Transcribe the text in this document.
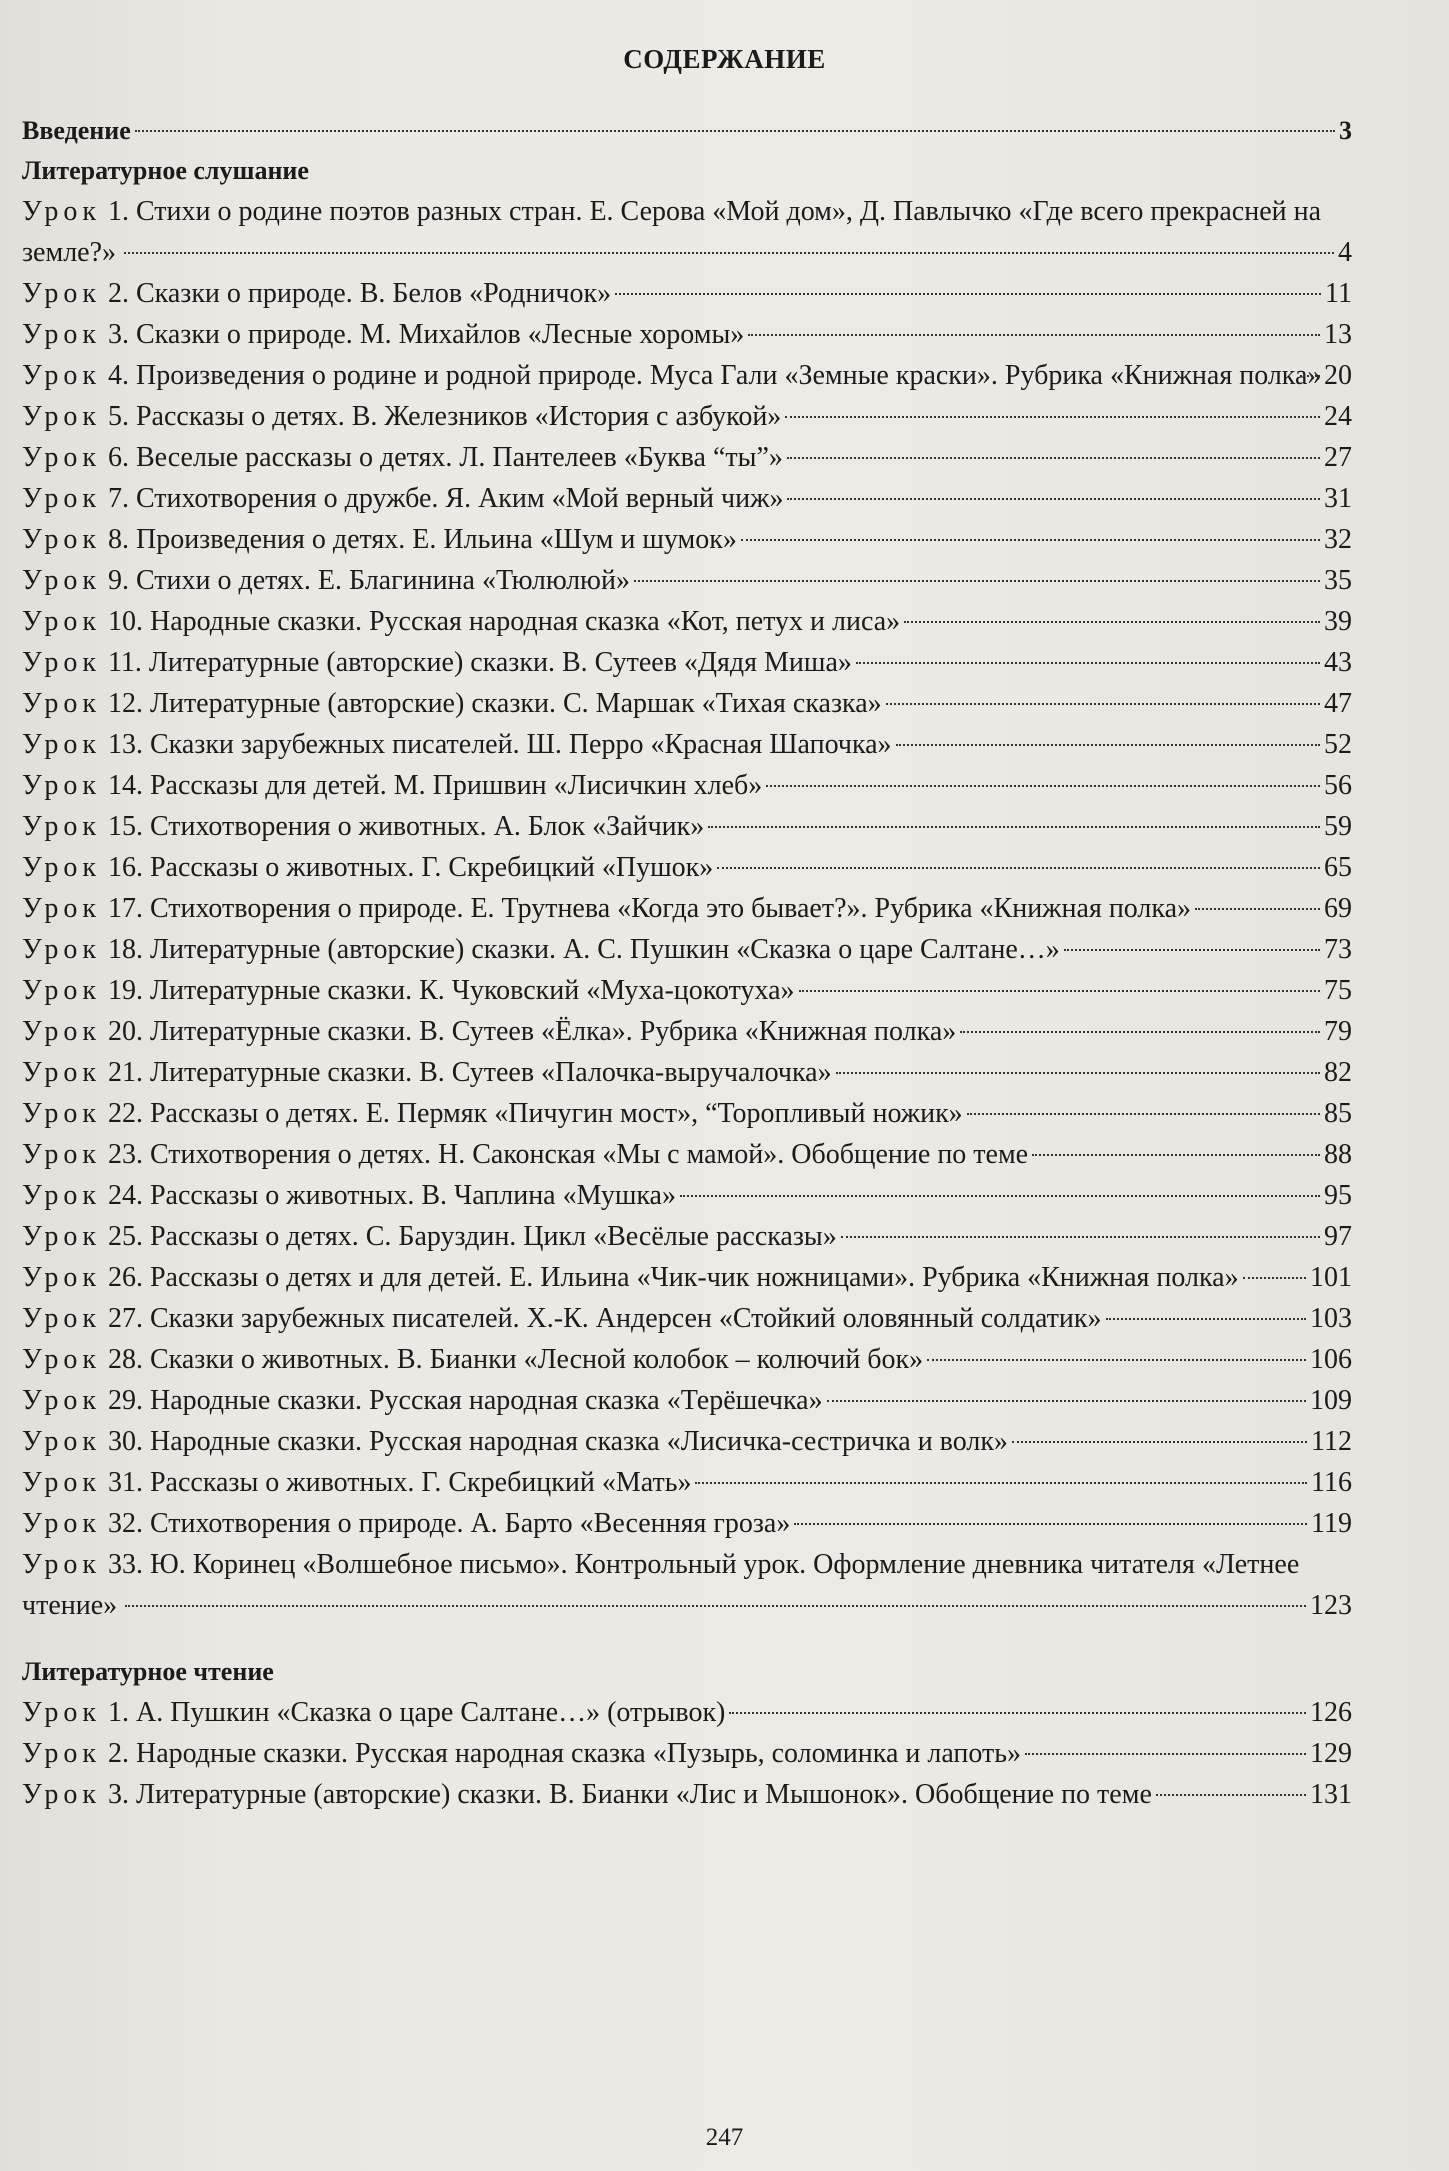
СОДЕРЖАНИЕ
Введение	3
Литературное слушание
Урок 1. Стихи о родине поэтов разных стран. Е. Серова «Мой дом», Д. Павлычко «Где всего прекрасней на земле?»	4
Урок 2. Сказки о природе. В. Белов «Родничок»	11
Урок 3. Сказки о природе. М. Михайлов «Лесные хоромы»	13
Урок 4. Произведения о родине и родной природе. Муса Гали «Земные краски». Рубрика «Книжная полка» 20
Урок 5. Рассказы о детях. В. Железников «История с азбукой»	24
Урок 6. Веселые рассказы о детях. Л. Пантелеев «Буква “ты”»	27
Урок 7. Стихотворения о дружбе. Я. Аким «Мой верный чиж»	31
Урок 8. Произведения о детях. Е. Ильина «Шум и шумок»	32
Урок 9. Стихи о детях. Е. Благинина «Тюлюлюй»	35
Урок 10. Народные сказки. Русская народная сказка «Кот, петух и лиса»	39
Урок 11. Литературные (авторские) сказки. В. Сутеев «Дядя Миша»	43
Урок 12. Литературные (авторские) сказки. С. Маршак «Тихая сказка»	47
Урок 13. Сказки зарубежных писателей. Ш. Перро «Красная Шапочка»	52
Урок 14. Рассказы для детей. М. Пришвин «Лисичкин хлеб»	56
Урок 15. Стихотворения о животных. А. Блок «Зайчик»	59
Урок 16. Рассказы о животных. Г. Скребицкий «Пушок»	65
Урок 17. Стихотворения о природе. Е. Трутнева «Когда это бывает?». Рубрика «Книжная полка»	69
Урок 18. Литературные (авторские) сказки. А. С. Пушкин «Сказка о царе Салтане…»	73
Урок 19. Литературные сказки. К. Чуковский «Муха-цокотуха»	75
Урок 20. Литературные сказки. В. Сутеев «Ёлка». Рубрика «Книжная полка»	79
Урок 21. Литературные сказки. В. Сутеев «Палочка-выручалочка»	82
Урок 22. Рассказы о детях. Е. Пермяк «Пичугин мост», “Торопливый ножик»	85
Урок 23. Стихотворения о детях. Н. Саконская «Мы с мамой». Обобщение по теме	88
Урок 24. Рассказы о животных. В. Чаплина «Мушка»	95
Урок 25. Рассказы о детях. С. Баруздин. Цикл «Весёлые рассказы»	97
Урок 26. Рассказы о детях и для детей. Е. Ильина «Чик-чик ножницами». Рубрика «Книжная полка»	101
Урок 27. Сказки зарубежных писателей. Х.-К. Андерсен «Стойкий оловянный солдатик»	103
Урок 28. Сказки о животных. В. Бианки «Лесной колобок – колючий бок»	106
Урок 29. Народные сказки. Русская народная сказка «Терёшечка»	109
Урок 30. Народные сказки. Русская народная сказка «Лисичка-сестричка и волк»	112
Урок 31. Рассказы о животных. Г. Скребицкий «Мать»	116
Урок 32. Стихотворения о природе. А. Барто «Весенняя гроза»	119
Урок 33. Ю. Коринец «Волшебное письмо». Контрольный урок. Оформление дневника читателя «Летнее чтение»	123
Литературное чтение
Урок 1. А. Пушкин «Сказка о царе Салтане…» (отрывок)	126
Урок 2. Народные сказки. Русская народная сказка «Пузырь, соломинка и лапоть»	129
Урок 3. Литературные (авторские) сказки. В. Бианки «Лис и Мышонок». Обобщение по теме	131
247
